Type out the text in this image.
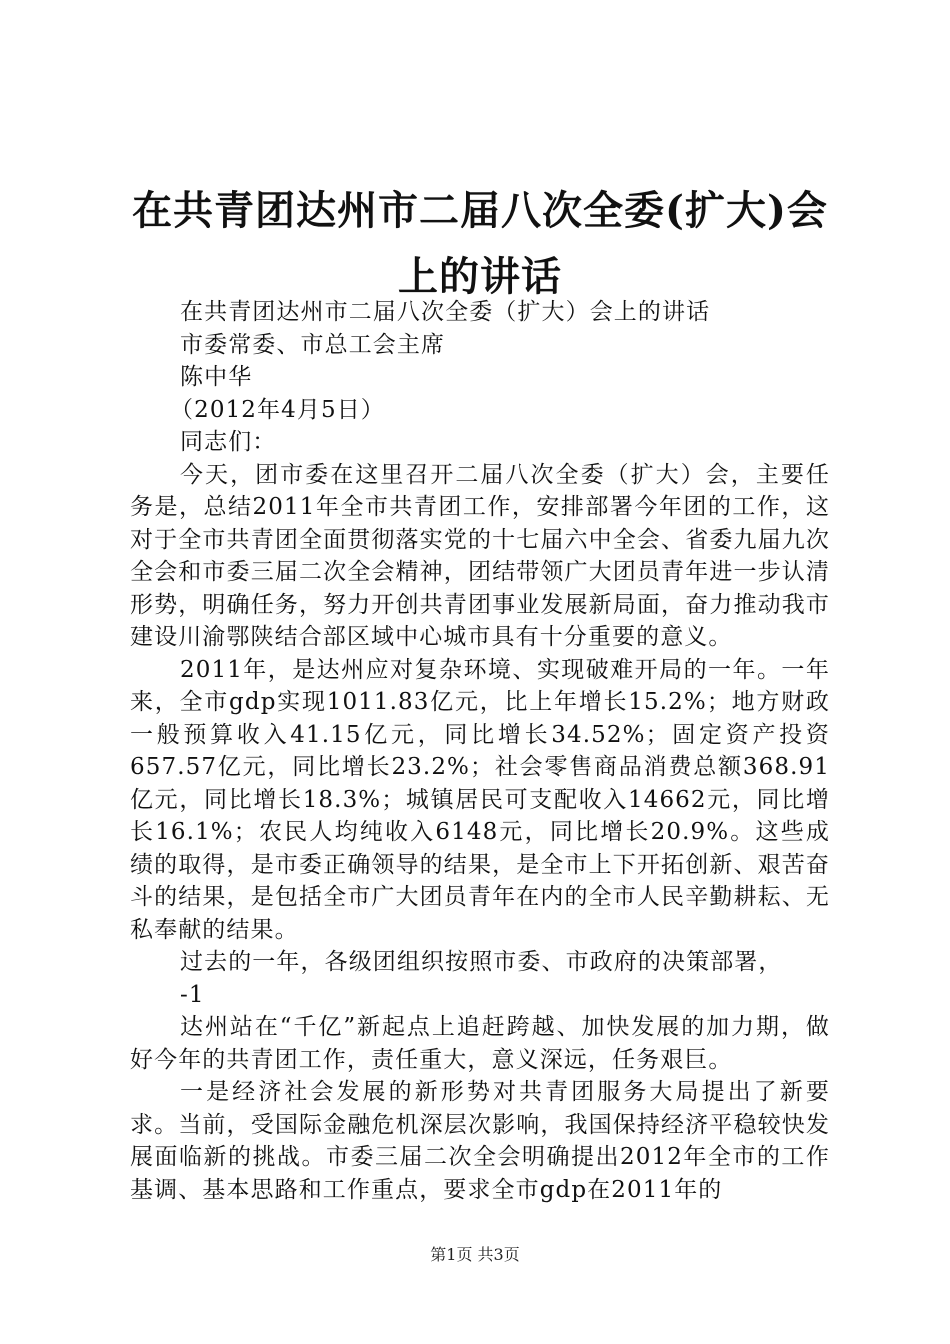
在共青团达州市二届八次全委(扩大)会上的讲话

在共青团达州市二届八次全委（扩大）会上的讲话

市委常委、市总工会主席

陈中华

（2012年4月5日）

同志们：

今天，团市委在这里召开二届八次全委（扩大）会，主要任务是，总结2011年全市共青团工作，安排部署今年团的工作，这对于全市共青团全面贯彻落实党的十七届六中全会、省委九届九次全会和市委三届二次全会精神，团结带领广大团员青年进一步认清形势，明确任务，努力开创共青团事业发展新局面，奋力推动我市建设川渝鄂陕结合部区域中心城市具有十分重要的意义。

2011年，是达州应对复杂环境、实现破难开局的一年。一年来，全市gdp实现1011.83亿元，比上年增长15.2%；地方财政一般预算收入41.15亿元，同比增长34.52%；固定资产投资657.57亿元，同比增长23.2%；社会零售商品消费总额368.91亿元，同比增长18.3%；城镇居民可支配收入14662元，同比增长16.1%；农民人均纯收入6148元，同比增长20.9%。这些成绩的取得，是市委正确领导的结果，是全市上下开拓创新、艰苦奋斗的结果，是包括全市广大团员青年在内的全市人民辛勤耕耘、无私奉献的结果。

过去的一年，各级团组织按照市委、市政府的决策部署，

-1

达州站在“千亿”新起点上追赶跨越、加快发展的加力期，做好今年的共青团工作，责任重大，意义深远，任务艰巨。

一是经济社会发展的新形势对共青团服务大局提出了新要求。当前，受国际金融危机深层次影响，我国保持经济平稳较快发展面临新的挑战。市委三届二次全会明确提出2012年全市的工作基调、基本思路和工作重点，要求全市gdp在2011年的

第1页 共3页
